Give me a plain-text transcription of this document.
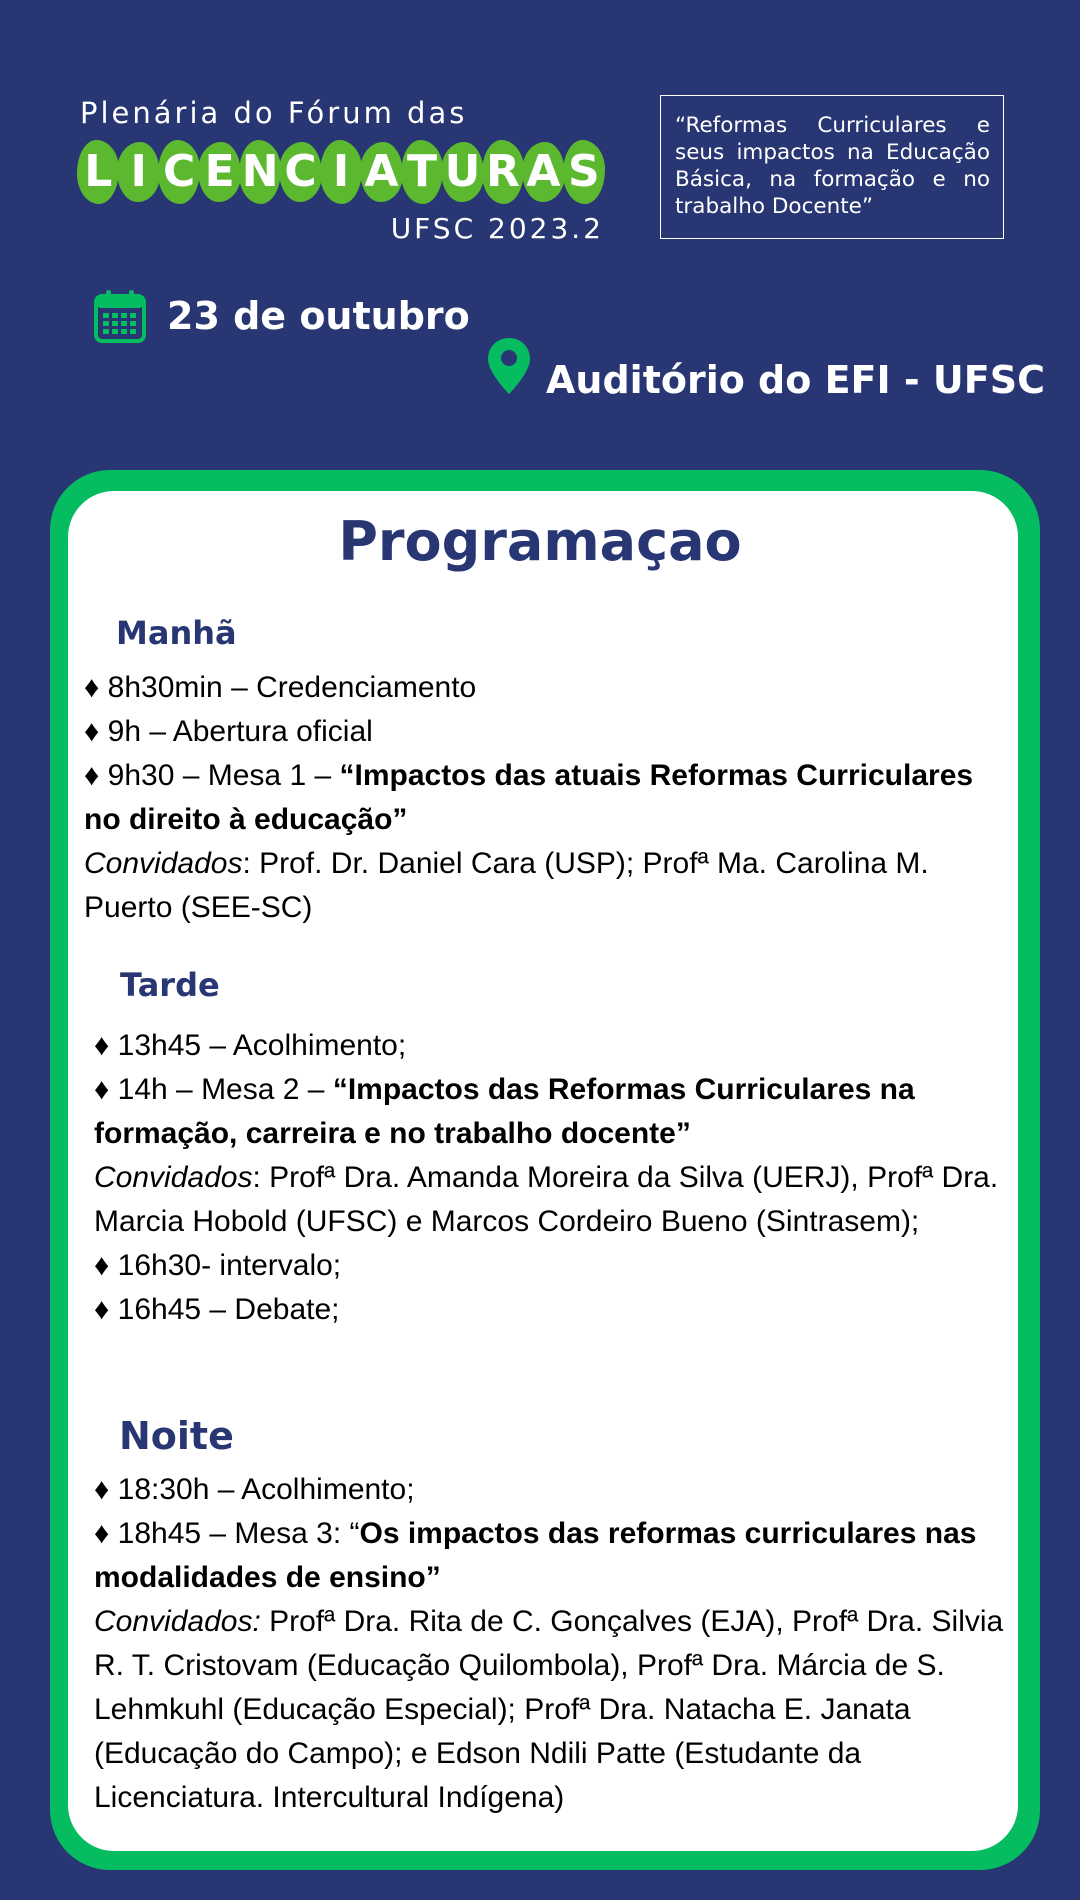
Plenária do Fórum das
L I C E N C I A T U R A S
UFSC 2023.2
“Reformas Curriculares e seus impactos na Educação Básica, na formação e no trabalho Docente”
23 de outubro
Auditório do EFI - UFSC
Programaçao
Manhã

♦ 8h30min – Credenciamento

♦ 9h – Abertura oficial

♦ 9h30 – Mesa 1 – “Impactos das atuais Reformas Curriculares no direito à educação”

Convidados: Prof. Dr. Daniel Cara (USP); Profª Ma. Carolina M. Puerto (SEE-SC)

Tarde

♦ 13h45 – Acolhimento;

♦ 14h – Mesa 2 – “Impactos das Reformas Curriculares na formação, carreira e no trabalho docente”

Convidados: Profª Dra. Amanda Moreira da Silva (UERJ), Profª Dra. Marcia Hobold (UFSC) e Marcos Cordeiro Bueno (Sintrasem);

♦ 16h30- intervalo;

♦ 16h45 – Debate;

Noite

♦ 18:30h – Acolhimento;

♦ 18h45 – Mesa 3: “Os impactos das reformas curriculares nas modalidades de ensino”

Convidados: Profª Dra. Rita de C. Gonçalves (EJA), Profª Dra. Silvia R. T. Cristovam (Educação Quilombola), Profª Dra. Márcia de S. Lehmkuhl (Educação Especial); Profª Dra. Natacha E. Janata (Educação do Campo); e Edson Ndili Patte (Estudante da Licenciatura. Intercultural Indígena)
